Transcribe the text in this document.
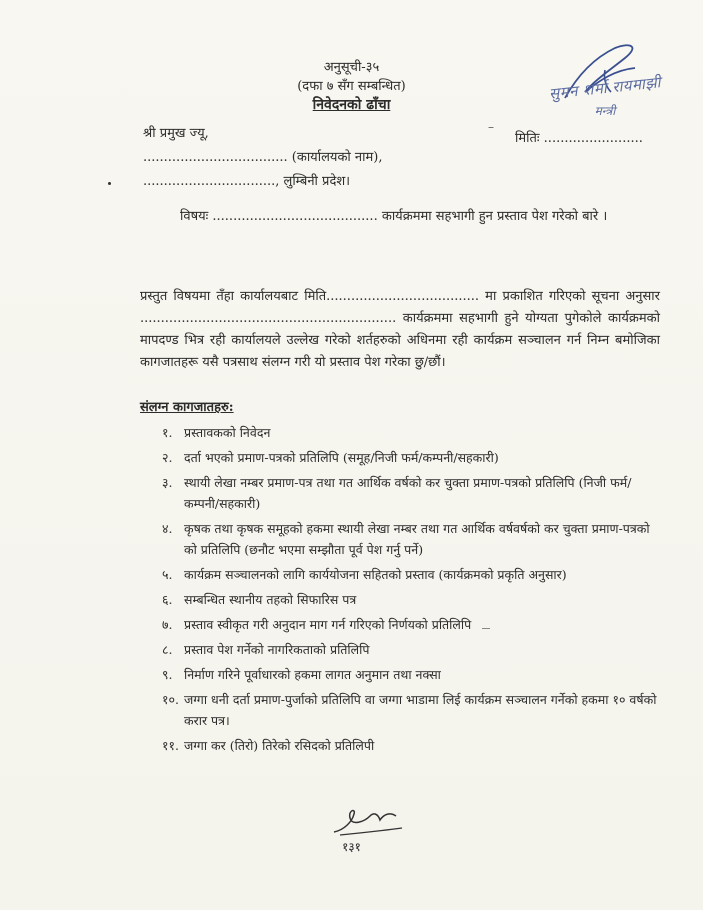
अनुसूची-३५

(दफा ७ सँग सम्बन्धित)

निवेदनको ढाँचा

सुमन शर्मा रायमाझी
मन्त्री
–
मितिः ........................
श्री प्रमुख ज्यू,
................................... (कार्यालयको नाम),
................................, लुम्बिनी प्रदेश।
विषयः ........................................ कार्यक्रममा सहभागी हुन प्रस्ताव पेश गरेको बारे ।
प्रस्तुत विषयमा तँहा कार्यालयबाट मिति..................................... मा प्रकाशित गरिएको सूचना अनुसार .............................................................. कार्यक्रममा सहभागी हुने योग्यता पुगेकोले कार्यक्रमको मापदण्ड भित्र रही कार्यालयले उल्लेख गरेको शर्तहरुको अधिनमा रही कार्यक्रम सञ्चालन गर्न निम्न बमोजिका कागजातहरू यसै पत्रसाथ संलग्न गरी यो प्रस्ताव पेश गरेका छु/छौं।
संलग्न कागजातहरु:
१. प्रस्तावकको निवेदन
२. दर्ता भएको प्रमाण-पत्रको प्रतिलिपि (समूह/निजी फर्म/कम्पनी/सहकारी)
३. स्थायी लेखा नम्बर प्रमाण-पत्र तथा गत आर्थिक वर्षको कर चुक्ता प्रमाण-पत्रको प्रतिलिपि (निजी फर्म/कम्पनी/सहकारी)
४. कृषक तथा कृषक समूहको हकमा स्थायी लेखा नम्बर तथा गत आर्थिक वर्षवर्षको कर चुक्ता प्रमाण-पत्रको को प्रतिलिपि (छनौट भएमा सम्झौता पूर्व पेश गर्नु पर्ने)
५. कार्यक्रम सञ्चालनको लागि कार्ययोजना सहितको प्रस्ताव (कार्यक्रमको प्रकृति अनुसार)
६. सम्बन्धित स्थानीय तहको सिफारिस पत्र
७. प्रस्ताव स्वीकृत गरी अनुदान माग गर्न गरिएको निर्णयको प्रतिलिपि
८. प्रस्ताव पेश गर्नेको नागरिकताको प्रतिलिपि
९. निर्माण गरिने पूर्वाधारको हकमा लागत अनुमान तथा नक्सा
१०. जग्गा धनी दर्ता प्रमाण-पुर्जाको प्रतिलिपि वा जग्गा भाडामा लिई कार्यक्रम सञ्चालन गर्नेको हकमा १० वर्षको करार पत्र।
११. जग्गा कर (तिरो) तिरेको रसिदको प्रतिलिपी
१३१
